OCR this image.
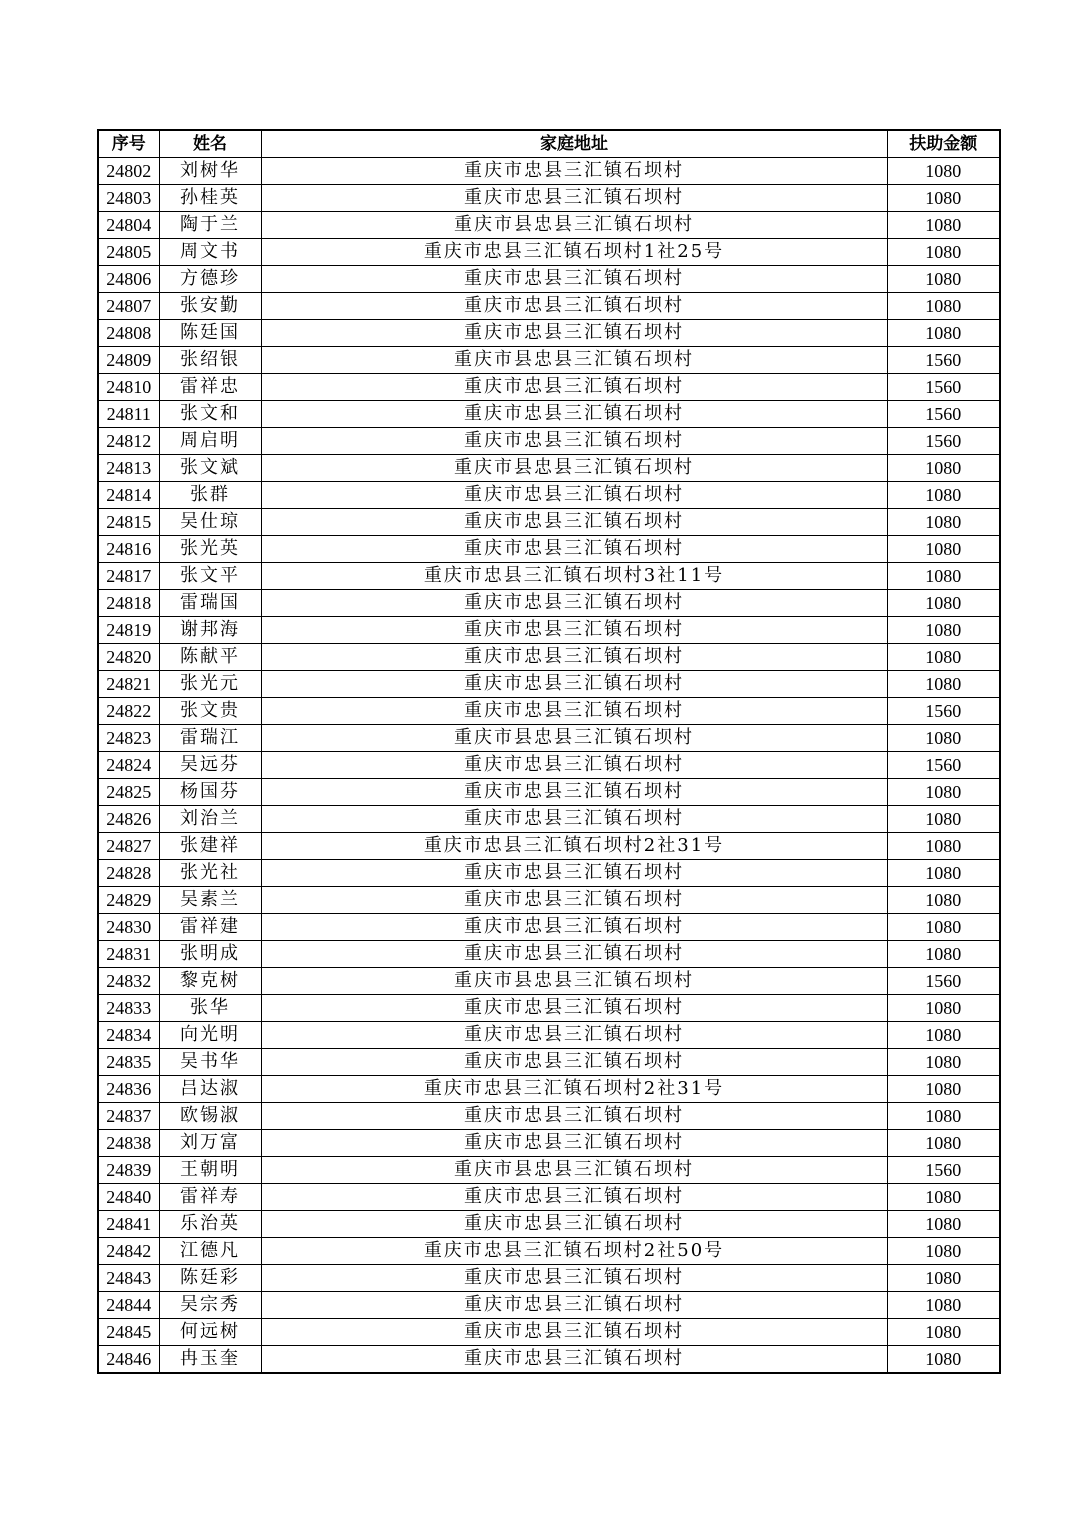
序号	姓名	家庭地址	扶助金额
24802	刘树华	重庆市忠县三汇镇石坝村	1080
24803	孙桂英	重庆市忠县三汇镇石坝村	1080
24804	陶于兰	重庆市县忠县三汇镇石坝村	1080
24805	周文书	重庆市忠县三汇镇石坝村1社25号	1080
24806	方德珍	重庆市忠县三汇镇石坝村	1080
24807	张安勤	重庆市忠县三汇镇石坝村	1080
24808	陈廷国	重庆市忠县三汇镇石坝村	1080
24809	张绍银	重庆市县忠县三汇镇石坝村	1560
24810	雷祥忠	重庆市忠县三汇镇石坝村	1560
24811	张文和	重庆市忠县三汇镇石坝村	1560
24812	周启明	重庆市忠县三汇镇石坝村	1560
24813	张文斌	重庆市县忠县三汇镇石坝村	1080
24814	张群	重庆市忠县三汇镇石坝村	1080
24815	吴仕琼	重庆市忠县三汇镇石坝村	1080
24816	张光英	重庆市忠县三汇镇石坝村	1080
24817	张文平	重庆市忠县三汇镇石坝村3社11号	1080
24818	雷瑞国	重庆市忠县三汇镇石坝村	1080
24819	谢邦海	重庆市忠县三汇镇石坝村	1080
24820	陈献平	重庆市忠县三汇镇石坝村	1080
24821	张光元	重庆市忠县三汇镇石坝村	1080
24822	张文贵	重庆市忠县三汇镇石坝村	1560
24823	雷瑞江	重庆市县忠县三汇镇石坝村	1080
24824	吴远芬	重庆市忠县三汇镇石坝村	1560
24825	杨国芬	重庆市忠县三汇镇石坝村	1080
24826	刘治兰	重庆市忠县三汇镇石坝村	1080
24827	张建祥	重庆市忠县三汇镇石坝村2社31号	1080
24828	张光社	重庆市忠县三汇镇石坝村	1080
24829	吴素兰	重庆市忠县三汇镇石坝村	1080
24830	雷祥建	重庆市忠县三汇镇石坝村	1080
24831	张明成	重庆市忠县三汇镇石坝村	1080
24832	黎克树	重庆市县忠县三汇镇石坝村	1560
24833	张华	重庆市忠县三汇镇石坝村	1080
24834	向光明	重庆市忠县三汇镇石坝村	1080
24835	吴书华	重庆市忠县三汇镇石坝村	1080
24836	吕达淑	重庆市忠县三汇镇石坝村2社31号	1080
24837	欧锡淑	重庆市忠县三汇镇石坝村	1080
24838	刘万富	重庆市忠县三汇镇石坝村	1080
24839	王朝明	重庆市县忠县三汇镇石坝村	1560
24840	雷祥寿	重庆市忠县三汇镇石坝村	1080
24841	乐治英	重庆市忠县三汇镇石坝村	1080
24842	江德凡	重庆市忠县三汇镇石坝村2社50号	1080
24843	陈廷彩	重庆市忠县三汇镇石坝村	1080
24844	吴宗秀	重庆市忠县三汇镇石坝村	1080
24845	何远树	重庆市忠县三汇镇石坝村	1080
24846	冉玉奎	重庆市忠县三汇镇石坝村	1080
